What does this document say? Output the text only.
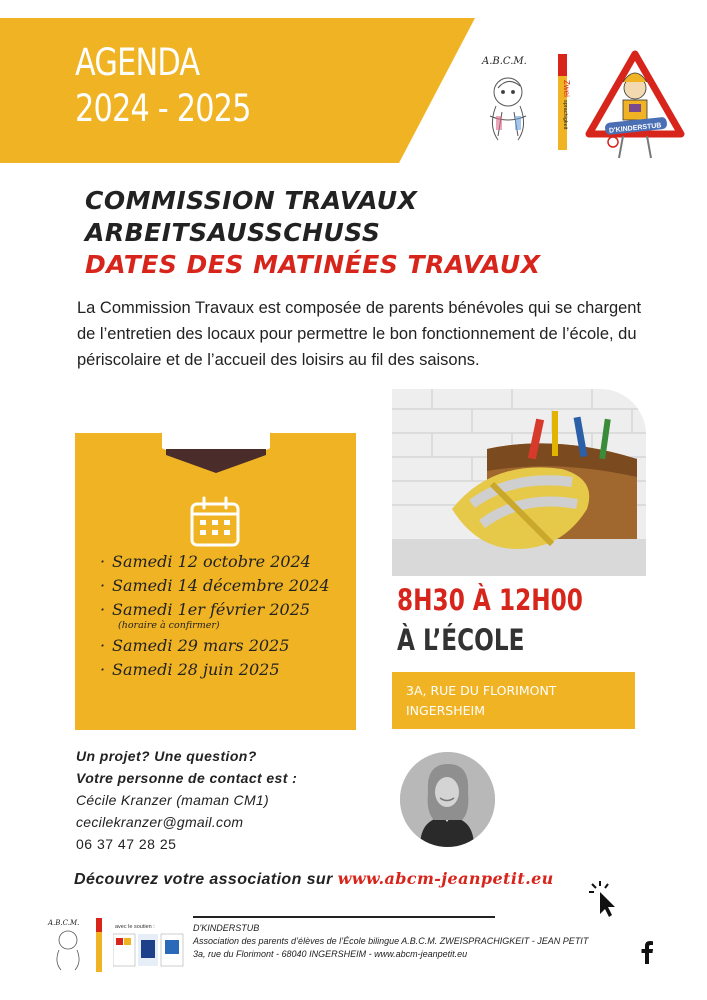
AGENDA
2024 - 2025
A.B.C.M.
Zwei
sprachigkeit	D'KINDERSTUB
COMMISSION TRAVAUX
ARBEITSAUSSCHUSS
DATES DES MATINÉES TRAVAUX

La Commission Travaux est composée de parents bénévoles qui se chargent de l’entretien des locaux pour permettre le bon fonctionnement de l’école, du périscolaire et de l’accueil des loisirs au fil des saisons.

· Samedi 12 octobre 2024
· Samedi 14 décembre 2024
· Samedi 1er février 2025
(horaire à confirmer)
· Samedi 29 mars 2025
· Samedi 28 juin 2025
8H30 À 12H00
À L’ÉCOLE
3A, RUE DU FLORIMONT
INGERSHEIM
Un projet? Une question?
Votre personne de contact est :
Cécile Kranzer (maman CM1)
cecilekranzer@gmail.com
06 37 47 28 25
Découvrez votre association sur www.abcm-jeanpetit.eu
A.B.C.M.	avec le soutien :	D'KINDERSTUB
Association des parents d’élèves de l’École bilingue A.B.C.M. ZWEISPRACHIGKEIT - JEAN PETIT
3a, rue du Florimont - 68040 INGERSHEIM - www.abcm-jeanpetit.eu
